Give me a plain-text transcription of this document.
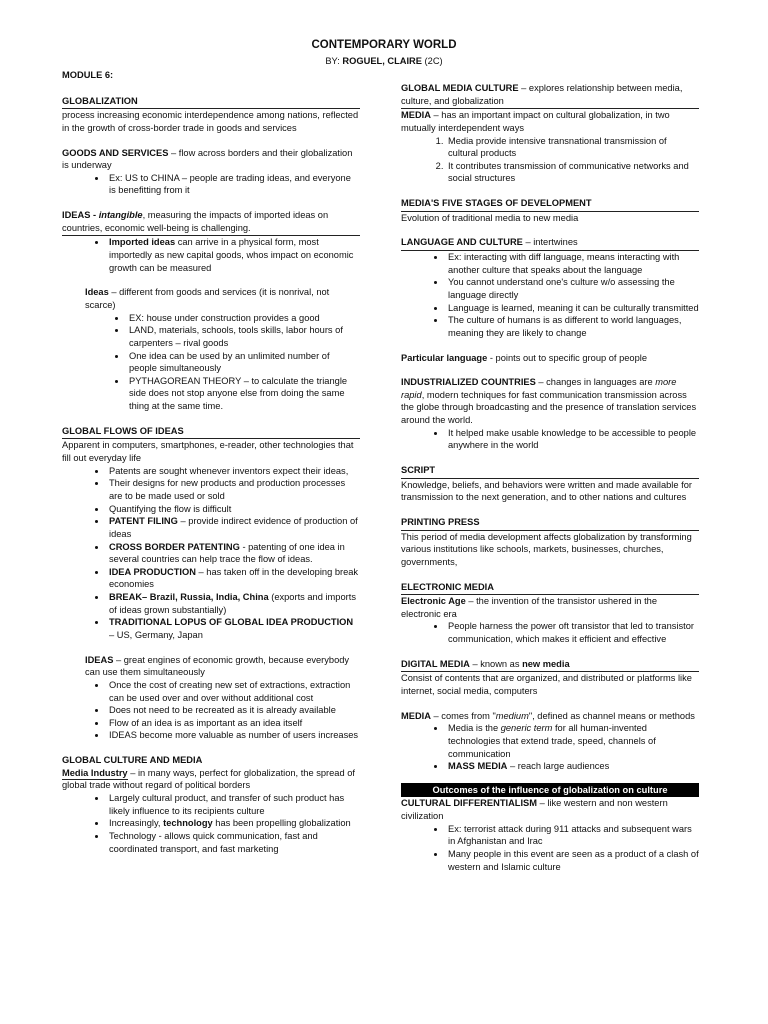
CONTEMPORARY WORLD
BY: ROGUEL, CLAIRE (2C)
MODULE 6:
GLOBALIZATION
process increasing economic interdependence among nations, reflected in the growth of cross-border trade in goods and services
GOODS AND SERVICES – flow across borders and their globalization is underway
• Ex: US to CHINA – people are trading ideas, and everyone is benefitting from it
IDEAS - intangible, measuring the impacts of imported ideas on countries, economic well-being is challenging.
• Imported ideas can arrive in a physical form, most importedly as new capital goods, whos impact on economic growth can be measured
Ideas – different from goods and services (it is nonrival, not scarce)
• EX: house under construction provides a good
• LAND, materials, schools, tools skills, labor hours of carpenters – rival goods
• One idea can be used by an unlimited number of people simultaneously
• PYTHAGOREAN THEORY – to calculate the triangle side does not stop anyone else from doing the same thing at the same time.
GLOBAL FLOWS OF IDEAS
Apparent in computers, smartphones, e-reader, other technologies that fill out everyday life
• Patents are sought whenever inventors expect their ideas,
• Their designs for new products and production processes are to be made used or sold
• Quantifying the flow is difficult
• PATENT FILING – provide indirect evidence of production of ideas
• CROSS BORDER PATENTING - patenting of one idea in several countries can help trace the flow of ideas.
• IDEA PRODUCTION – has taken off in the developing break economies
• BREAK– Brazil, Russia, India, China (exports and imports of ideas grown substantially)
• TRADITIONAL LOPUS OF GLOBAL IDEA PRODUCTION – US, Germany, Japan
IDEAS – great engines of economic growth, because everybody can use them simultaneously
• Once the cost of creating new set of extractions, extraction can be used over and over without additional cost
• Does not need to be recreated as it is already available
• Flow of an idea is as important as an idea itself
• IDEAS become more valuable as number of users increases
GLOBAL CULTURE AND MEDIA
Media Industry – in many ways, perfect for globalization, the spread of global trade without regard of political borders
• Largely cultural product, and transfer of such product has likely influence to its recipients culture
• Increasingly, technology has been propelling globalization
• Technology - allows quick communication, fast and coordinated transport, and fast marketing
GLOBAL MEDIA CULTURE – explores relationship between media, culture, and globalization
MEDIA – has an important impact on cultural globalization, in two mutually interdependent ways
1. Media provide intensive transnational transmission of cultural products
2. It contributes transmission of communicative networks and social structures
MEDIA'S FIVE STAGES OF DEVELOPMENT
Evolution of traditional media to new media
LANGUAGE AND CULTURE – intertwines
• Ex: interacting with diff language, means interacting with another culture that speaks about the language
• You cannot understand one's culture w/o assessing the language directly
• Language is learned, meaning it can be culturally transmitted
• The culture of humans is as different to world languages, meaning they are likely to change
Particular language - points out to specific group of people
INDUSTRIALIZED COUNTRIES – changes in languages are more rapid, modern techniques for fast communication transmission across the globe through broadcasting and the presence of translation services around the world.
• It helped make usable knowledge to be accessible to people anywhere in the world
SCRIPT
Knowledge, beliefs, and behaviors were written and made available for transmission to the next generation, and to other nations and cultures
PRINTING PRESS
This period of media development affects globalization by transforming various institutions like schools, markets, businesses, churches, governments,
ELECTRONIC MEDIA
Electronic Age – the invention of the transistor ushered in the electronic era
• People harness the power oft transistor that led to transistor communication, which makes it efficient and effective
DIGITAL MEDIA – known as new media
Consist of contents that are organized, and distributed or platforms like internet, social media, computers
MEDIA – comes from "medium", defined as channel means or methods
• Media is the generic term for all human-invented technologies that extend trade, speed, channels of communication
• MASS MEDIA – reach large audiences
Outcomes of the influence of globalization on culture
CULTURAL DIFFERENTIALISM – like western and non western civilization
• Ex: terrorist attack during 911 attacks and subsequent wars in Afghanistan and Irac
• Many people in this event are seen as a product of a clash of western and Islamic culture
